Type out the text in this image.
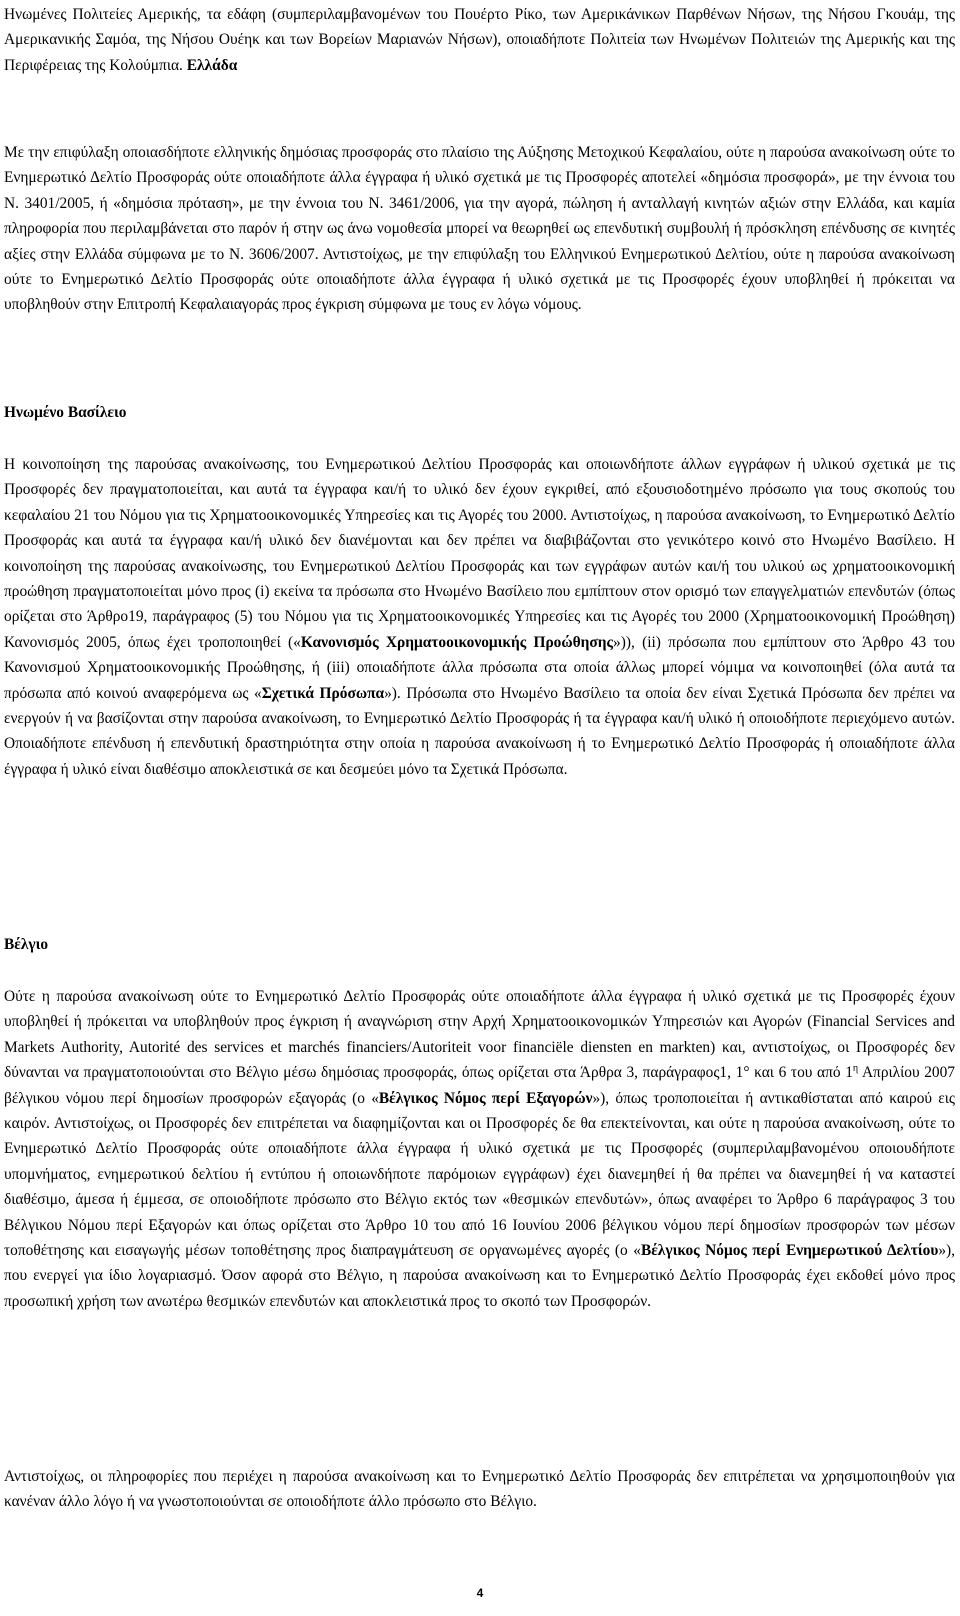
Ηνωμένες Πολιτείες Αμερικής, τα εδάφη (συμπεριλαμβανομένων του Πουέρτο Ρίκο, των Αμερικάνικων Παρθένων Νήσων, της Νήσου Γκουάμ, της Αμερικανικής Σαμόα, της Νήσου Ουέηκ και των Βορείων Μαριανών Νήσων), οποιαδήποτε Πολιτεία των Ηνωμένων Πολιτειών της Αμερικής και της Περιφέρειας της Κολούμπια. Ελλάδα

Με την επιφύλαξη οποιασδήποτε ελληνικής δημόσιας προσφοράς στο πλαίσιο της Αύξησης Μετοχικού Κεφαλαίου, ούτε η παρούσα ανακοίνωση ούτε το Ενημερωτικό Δελτίο Προσφοράς ούτε οποιαδήποτε άλλα έγγραφα ή υλικό σχετικά με τις Προσφορές αποτελεί «δημόσια προσφορά», με την έννοια του Ν. 3401/2005, ή «δημόσια πρόταση», με την έννοια του Ν. 3461/2006, για την αγορά, πώληση ή ανταλλαγή κινητών αξιών στην Ελλάδα, και καμία πληροφορία που περιλαμβάνεται στο παρόν ή στην ως άνω νομοθεσία μπορεί να θεωρηθεί ως επενδυτική συμβουλή ή πρόσκληση επένδυσης σε κινητές αξίες στην Ελλάδα σύμφωνα με το Ν. 3606/2007. Αντιστοίχως, με την επιφύλαξη του Ελληνικού Ενημερωτικού Δελτίου, ούτε η παρούσα ανακοίνωση ούτε το Ενημερωτικό Δελτίο Προσφοράς ούτε οποιαδήποτε άλλα έγγραφα ή υλικό σχετικά με τις Προσφορές έχουν υποβληθεί ή πρόκειται να υποβληθούν στην Επιτροπή Κεφαλαιαγοράς προς έγκριση σύμφωνα με τους εν λόγω νόμους.

Ηνωμένο Βασίλειο

Η κοινοποίηση της παρούσας ανακοίνωσης, του Ενημερωτικού Δελτίου Προσφοράς και οποιωνδήποτε άλλων εγγράφων ή υλικού σχετικά με τις Προσφορές δεν πραγματοποιείται, και αυτά τα έγγραφα και/ή το υλικό δεν έχουν εγκριθεί, από εξουσιοδοτημένο πρόσωπο για τους σκοπούς του κεφαλαίου 21 του Νόμου για τις Χρηματοοικονομικές Υπηρεσίες και τις Αγορές του 2000. Αντιστοίχως, η παρούσα ανακοίνωση, το Ενημερωτικό Δελτίο Προσφοράς και αυτά τα έγγραφα και/ή υλικό δεν διανέμονται και δεν πρέπει να διαβιβάζονται στο γενικότερο κοινό στο Ηνωμένο Βασίλειο. Η κοινοποίηση της παρούσας ανακοίνωσης, του Ενημερωτικού Δελτίου Προσφοράς και των εγγράφων αυτών και/ή του υλικού ως χρηματοοικονομική προώθηση πραγματοποιείται μόνο προς (i) εκείνα τα πρόσωπα στο Ηνωμένο Βασίλειο που εμπίπτουν στον ορισμό των επαγγελματιών επενδυτών (όπως ορίζεται στο Άρθρο19, παράγραφος (5) του Νόμου για τις Χρηματοοικονομικές Υπηρεσίες και τις Αγορές του 2000 (Χρηματοοικονομική Προώθηση) Κανονισμός 2005, όπως έχει τροποποιηθεί («Κανονισμός Χρηματοοικονομικής Προώθησης»)), (ii) πρόσωπα που εμπίπτουν στο Άρθρο 43 του Κανονισμού Χρηματοοικονομικής Προώθησης, ή (iii) οποιαδήποτε άλλα πρόσωπα στα οποία άλλως μπορεί νόμιμα να κοινοποιηθεί (όλα αυτά τα πρόσωπα από κοινού αναφερόμενα ως «Σχετικά Πρόσωπα»). Πρόσωπα στο Ηνωμένο Βασίλειο τα οποία δεν είναι Σχετικά Πρόσωπα δεν πρέπει να ενεργούν ή να βασίζονται στην παρούσα ανακοίνωση, το Ενημερωτικό Δελτίο Προσφοράς ή τα έγγραφα και/ή υλικό ή οποιοδήποτε περιεχόμενο αυτών. Οποιαδήποτε επένδυση ή επενδυτική δραστηριότητα στην οποία η παρούσα ανακοίνωση ή το Ενημερωτικό Δελτίο Προσφοράς ή οποιαδήποτε άλλα έγγραφα ή υλικό είναι διαθέσιμο αποκλειστικά σε και δεσμεύει μόνο τα Σχετικά Πρόσωπα.

Βέλγιο

Ούτε η παρούσα ανακοίνωση ούτε το Ενημερωτικό Δελτίο Προσφοράς ούτε οποιαδήποτε άλλα έγγραφα ή υλικό σχετικά με τις Προσφορές έχουν υποβληθεί ή πρόκειται να υποβληθούν προς έγκριση ή αναγνώριση στην Αρχή Χρηματοοικονομικών Υπηρεσιών και Αγορών (Financial Services and Markets Authority, Autorité des services et marchés financiers/Autoriteit voor financiële diensten en markten) και, αντιστοίχως, οι Προσφορές δεν δύνανται να πραγματοποιούνται στο Βέλγιο μέσω δημόσιας προσφοράς, όπως ορίζεται στα Άρθρα 3, παράγραφος1, 1° και 6 του από $1^\eta$ Απριλίου 2007 βέλγικου νόμου περί δημοσίων προσφορών εξαγοράς (ο «Βέλγικος Νόμος περί Εξαγορών»), όπως τροποποιείται ή αντικαθίσταται από καιρού εις καιρόν. Αντιστοίχως, οι Προσφορές δεν επιτρέπεται να διαφημίζονται και οι Προσφορές δε θα επεκτείνονται, και ούτε η παρούσα ανακοίνωση, ούτε το Ενημερωτικό Δελτίο Προσφοράς ούτε οποιαδήποτε άλλα έγγραφα ή υλικό σχετικά με τις Προσφορές (συμπεριλαμβανομένου οποιουδήποτε υπομνήματος, ενημερωτικού δελτίου ή εντύπου ή οποιωνδήποτε παρόμοιων εγγράφων) έχει διανεμηθεί ή θα πρέπει να διανεμηθεί ή να καταστεί διαθέσιμο, άμεσα ή έμμεσα, σε οποιοδήποτε πρόσωπο στο Βέλγιο εκτός των «θεσμικών επενδυτών», όπως αναφέρει το Άρθρο 6 παράγραφος 3 του Βέλγικου Νόμου περί Εξαγορών και όπως ορίζεται στο Άρθρο 10 του από 16 Ιουνίου 2006 βέλγικου νόμου περί δημοσίων προσφορών των μέσων τοποθέτησης και εισαγωγής μέσων τοποθέτησης προς διαπραγμάτευση σε οργανωμένες αγορές (ο «Βέλγικος Νόμος περί Ενημερωτικού Δελτίου»), που ενεργεί για ίδιο λογαριασμό. Όσον αφορά στο Βέλγιο, η παρούσα ανακοίνωση και το Ενημερωτικό Δελτίο Προσφοράς έχει εκδοθεί μόνο προς προσωπική χρήση των ανωτέρω θεσμικών επενδυτών και αποκλειστικά προς το σκοπό των Προσφορών.

Αντιστοίχως, οι πληροφορίες που περιέχει η παρούσα ανακοίνωση και το Ενημερωτικό Δελτίο Προσφοράς δεν επιτρέπεται να χρησιμοποιηθούν για κανέναν άλλο λόγο ή να γνωστοποιούνται σε οποιοδήποτε άλλο πρόσωπο στο Βέλγιο.

4
